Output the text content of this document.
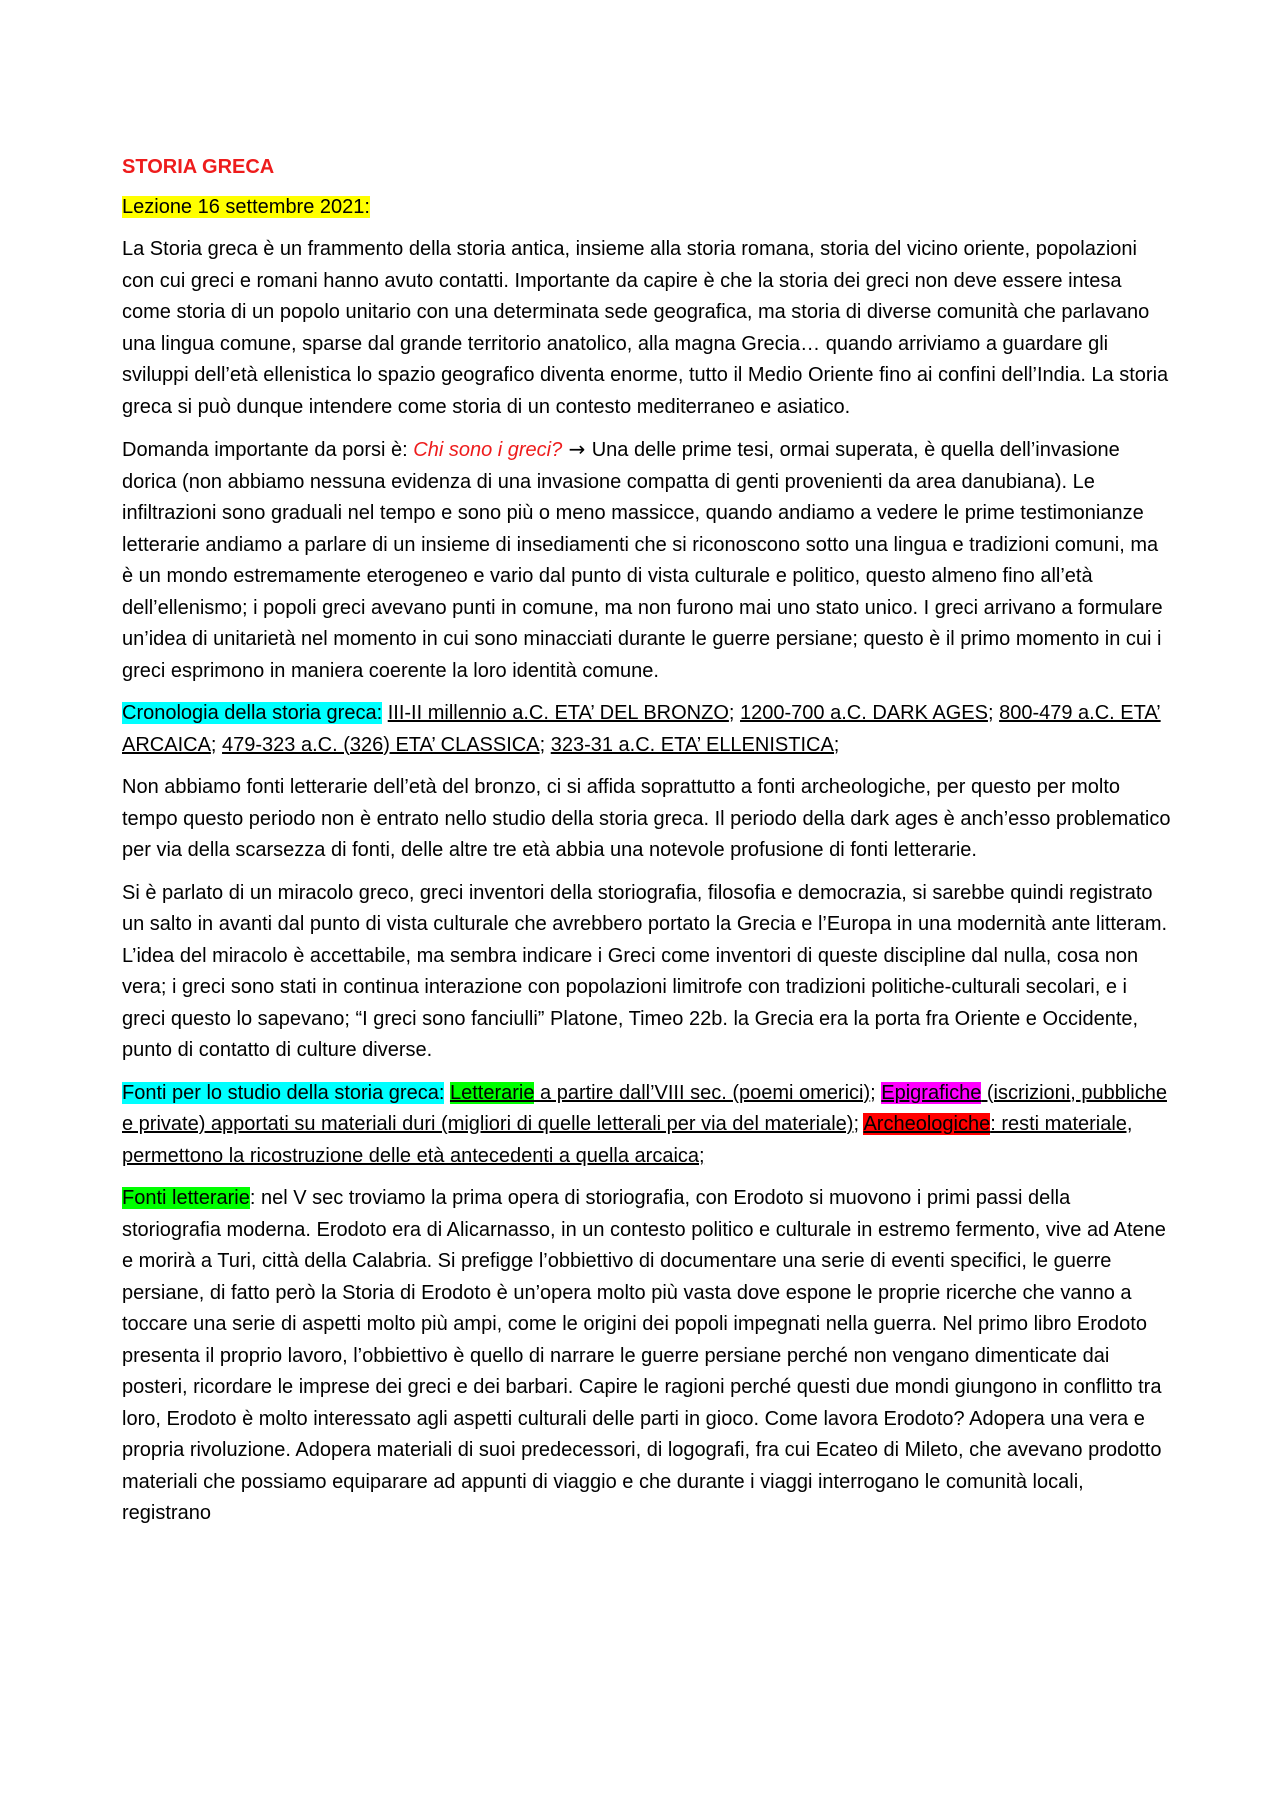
STORIA GRECA

Lezione 16 settembre 2021:

La Storia greca è un frammento della storia antica, insieme alla storia romana, storia del vicino oriente, popolazioni con cui greci e romani hanno avuto contatti. Importante da capire è che la storia dei greci non deve essere intesa come storia di un popolo unitario con una determinata sede geografica, ma storia di diverse comunità che parlavano una lingua comune, sparse dal grande territorio anatolico, alla magna Grecia… quando arriviamo a guardare gli sviluppi dell’età ellenistica lo spazio geografico diventa enorme, tutto il Medio Oriente fino ai confini dell’India. La storia greca si può dunque intendere come storia di un contesto mediterraneo e asiatico.

Domanda importante da porsi è: Chi sono i greci? → Una delle prime tesi, ormai superata, è quella dell’invasione dorica (non abbiamo nessuna evidenza di una invasione compatta di genti provenienti da area danubiana). Le infiltrazioni sono graduali nel tempo e sono più o meno massicce, quando andiamo a vedere le prime testimonianze letterarie andiamo a parlare di un insieme di insediamenti che si riconoscono sotto una lingua e tradizioni comuni, ma è un mondo estremamente eterogeneo e vario dal punto di vista culturale e politico, questo almeno fino all’età dell’ellenismo; i popoli greci avevano punti in comune, ma non furono mai uno stato unico. I greci arrivano a formulare un’idea di unitarietà nel momento in cui sono minacciati durante le guerre persiane; questo è il primo momento in cui i greci esprimono in maniera coerente la loro identità comune.

Cronologia della storia greca: III-II millennio a.C. ETA’ DEL BRONZO; 1200-700 a.C. DARK AGES; 800-479 a.C. ETA’ ARCAICA; 479-323 a.C. (326) ETA’ CLASSICA; 323-31 a.C. ETA’ ELLENISTICA;

Non abbiamo fonti letterarie dell’età del bronzo, ci si affida soprattutto a fonti archeologiche, per questo per molto tempo questo periodo non è entrato nello studio della storia greca. Il periodo della dark ages è anch’esso problematico per via della scarsezza di fonti, delle altre tre età abbia una notevole profusione di fonti letterarie.

Si è parlato di un miracolo greco, greci inventori della storiografia, filosofia e democrazia, si sarebbe quindi registrato un salto in avanti dal punto di vista culturale che avrebbero portato la Grecia e l’Europa in una modernità ante litteram. L’idea del miracolo è accettabile, ma sembra indicare i Greci come inventori di queste discipline dal nulla, cosa non vera; i greci sono stati in continua interazione con popolazioni limitrofe con tradizioni politiche-culturali secolari, e i greci questo lo sapevano; “I greci sono fanciulli” Platone, Timeo 22b. la Grecia era la porta fra Oriente e Occidente, punto di contatto di culture diverse.

Fonti per lo studio della storia greca: Letterarie a partire dall’VIII sec. (poemi omerici); Epigrafiche (iscrizioni, pubbliche e private) apportati su materiali duri (migliori di quelle letterali per via del materiale); Archeologiche: resti materiale, permettono la ricostruzione delle età antecedenti a quella arcaica;

Fonti letterarie: nel V sec troviamo la prima opera di storiografia, con Erodoto si muovono i primi passi della storiografia moderna. Erodoto era di Alicarnasso, in un contesto politico e culturale in estremo fermento, vive ad Atene e morirà a Turi, città della Calabria. Si prefigge l’obbiettivo di documentare una serie di eventi specifici, le guerre persiane, di fatto però la Storia di Erodoto è un’opera molto più vasta dove espone le proprie ricerche che vanno a toccare una serie di aspetti molto più ampi, come le origini dei popoli impegnati nella guerra. Nel primo libro Erodoto presenta il proprio lavoro, l’obbiettivo è quello di narrare le guerre persiane perché non vengano dimenticate dai posteri, ricordare le imprese dei greci e dei barbari. Capire le ragioni perché questi due mondi giungono in conflitto tra loro, Erodoto è molto interessato agli aspetti culturali delle parti in gioco. Come lavora Erodoto? Adopera una vera e propria rivoluzione. Adopera materiali di suoi predecessori, di logografi, fra cui Ecateo di Mileto, che avevano prodotto materiali che possiamo equiparare ad appunti di viaggio e che durante i viaggi interrogano le comunità locali, registrano
